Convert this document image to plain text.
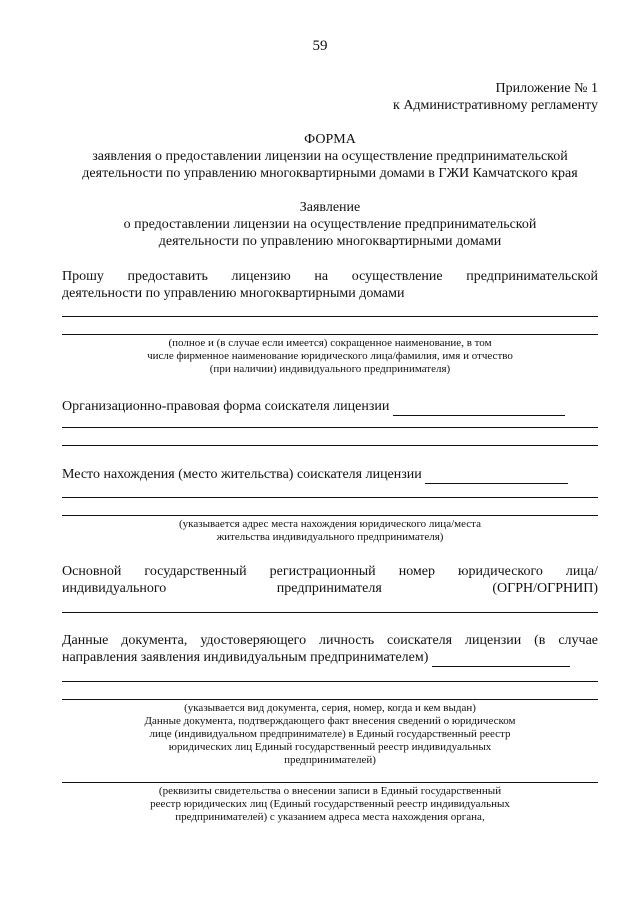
59
Приложение № 1
к Административному регламенту
ФОРМА
заявления о предоставлении лицензии на осуществление предпринимательской
деятельности по управлению многоквартирными домами в ГЖИ Камчатского края
Заявление
о предоставлении лицензии на осуществление предпринимательской
деятельности по управлению многоквартирными домами
Прошу предоставить лицензию на осуществление предпринимательской
деятельности по управлению многоквартирными домами
(полное и (в случае если имеется) сокращенное наименование, в том
числе фирменное наименование юридического лица/фамилия, имя и отчество
(при наличии) индивидуального предпринимателя)
Организационно-правовая форма соискателя лицензии
Место нахождения (место жительства) соискателя лицензии
(указывается адрес места нахождения юридического лица/места
жительства индивидуального предпринимателя)
Основной государственный регистрационный номер юридического лица/
индивидуального	предпринимателя	(ОГРН/ОГРНИП)
Данные документа, удостоверяющего личность соискателя лицензии (в случае
направления заявления индивидуальным предпринимателем)
(указывается вид документа, серия, номер, когда и кем выдан)
Данные документа, подтверждающего факт внесения сведений о юридическом
лице (индивидуальном предпринимателе) в Единый государственный реестр
юридических лиц Единый государственный реестр индивидуальных
предпринимателей)
(реквизиты свидетельства о внесении записи в Единый государственный
реестр юридических лиц (Единый государственный реестр индивидуальных
предпринимателей) с указанием адреса места нахождения органа,
